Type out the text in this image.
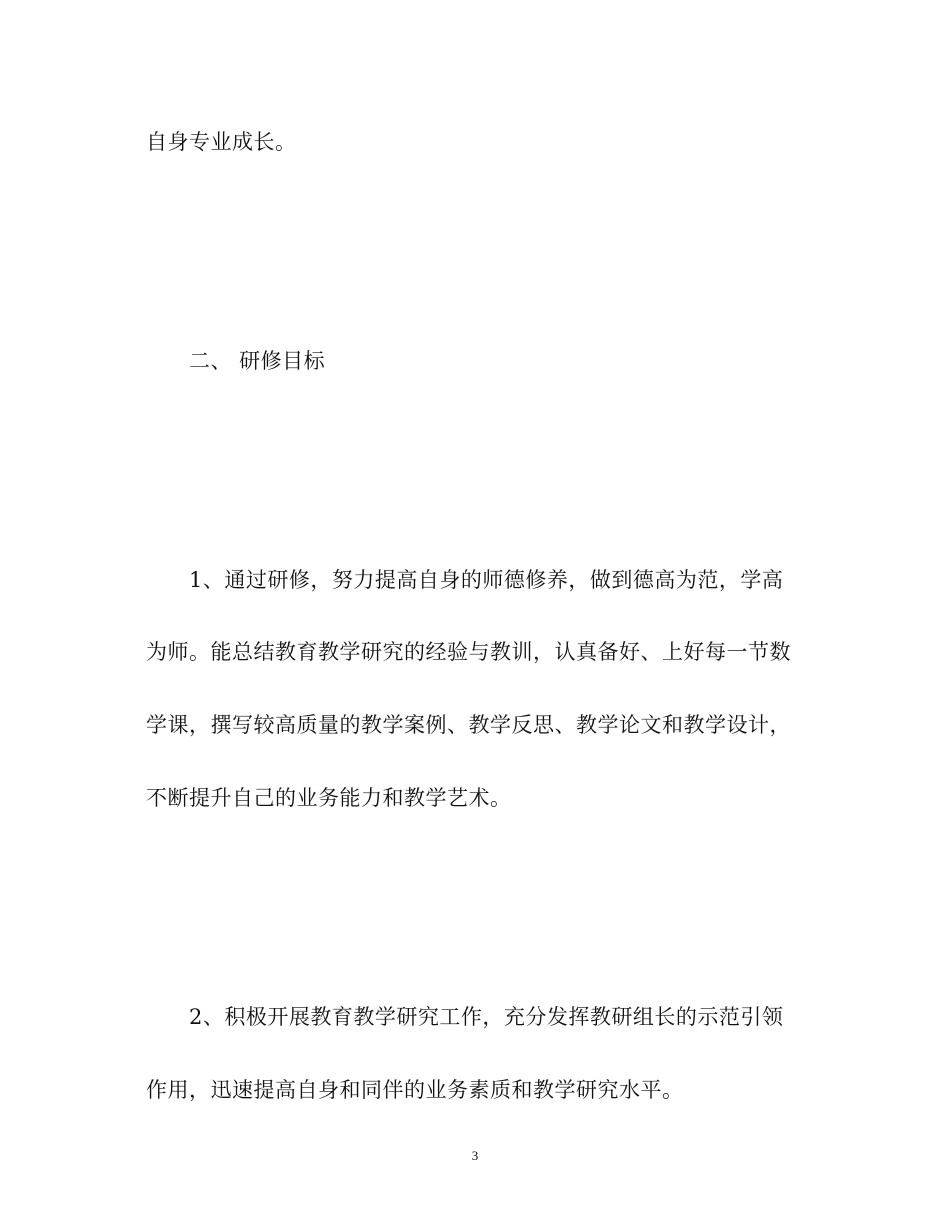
自身专业成长。
二、 研修目标
1、通过研修，努力提高自身的师德修养，做到德高为范，学高
为师。能总结教育教学研究的经验与教训，认真备好、上好每一节数
学课，撰写较高质量的教学案例、教学反思、教学论文和教学设计，
不断提升自己的业务能力和教学艺术。
2、积极开展教育教学研究工作，充分发挥教研组长的示范引领
作用，迅速提高自身和同伴的业务素质和教学研究水平。
3
